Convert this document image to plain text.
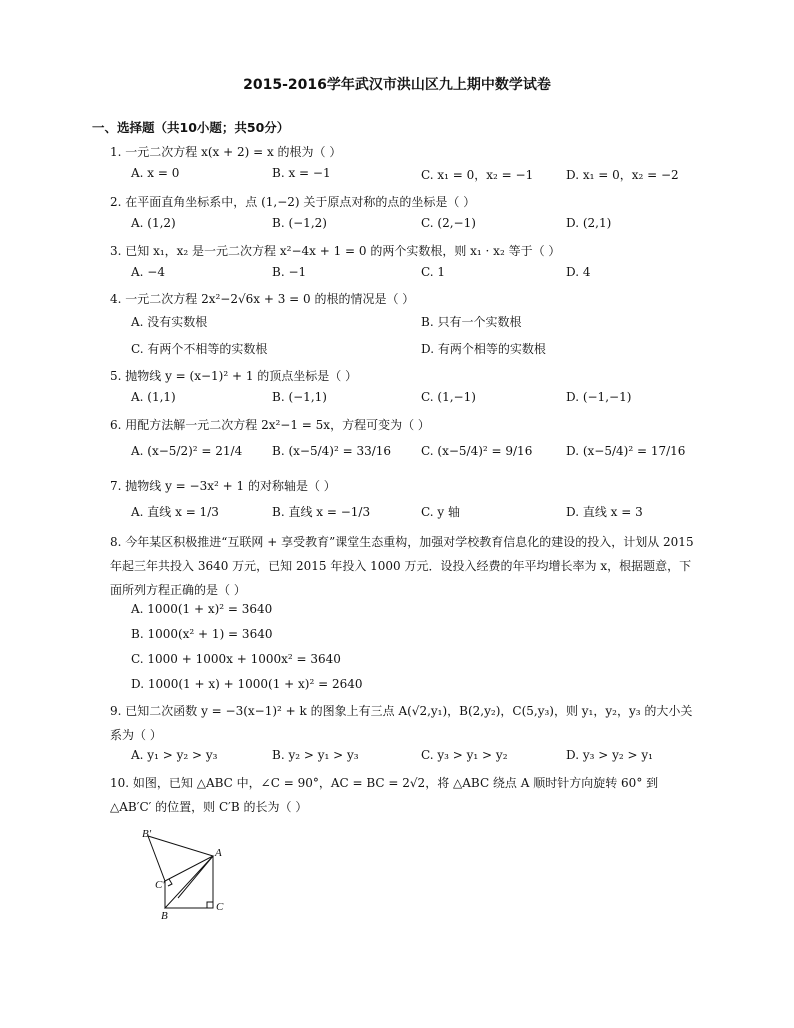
2015-2016学年武汉市洪山区九上期中数学试卷
一、选择题（共10小题；共50分）
1. 一元二次方程 x(x + 2) = x 的根为（ ）
A. x = 0	B. x = −1	C. x₁ = 0，x₂ = −1	D. x₁ = 0，x₂ = −2
2. 在平面直角坐标系中，点 (1,−2) 关于原点对称的点的坐标是（ ）
A. (1,2)	B. (−1,2)	C. (2,−1)	D. (2,1)
3. 已知 x₁，x₂ 是一元二次方程 x²−4x + 1 = 0 的两个实数根，则 x₁ · x₂ 等于（ ）
A. −4	B. −1	C. 1	D. 4
4. 一元二次方程 2x²−2√6x + 3 = 0 的根的情况是（ ）
A. 没有实数根	B. 只有一个实数根
C. 有两个不相等的实数根	D. 有两个相等的实数根
5. 抛物线 y = (x−1)² + 1 的顶点坐标是（ ）
A. (1,1)	B. (−1,1)	C. (1,−1)	D. (−1,−1)
6. 用配方法解一元二次方程 2x²−1 = 5x，方程可变为（ ）
A. (x−5/2)² = 21/4 B. (x−5/4)² = 33/16 C. (x−5/4)² = 9/16	D. (x−5/4)² = 17/16
7. 抛物线 y = −3x² + 1 的对称轴是（ ）
A. 直线 x = 1/3	B. 直线 x = −1/3	C. y 轴	D. 直线 x = 3
8. 今年某区积极推进“互联网 + 享受教育”课堂生态重构，加强对学校教育信息化的建设的投入，计划从 2015 年起三年共投入 3640 万元，已知 2015 年投入 1000 万元．设投入经费的年平均增长率为 x，根据题意，下面所列方程正确的是（ ）
A. 1000(1 + x)² = 3640
B. 1000(x² + 1) = 3640
C. 1000 + 1000x + 1000x² = 3640
D. 1000(1 + x) + 1000(1 + x)² = 2640
9. 已知二次函数 y = −3(x−1)² + k 的图象上有三点 A(√2,y₁)，B(2,y₂)，C(5,y₃)，则 y₁，y₂，y₃ 的大小关系为（ ）
A. y₁ > y₂ > y₃	B. y₂ > y₁ > y₃	C. y₃ > y₁ > y₂	D. y₃ > y₂ > y₁
10. 如图，已知 △ABC 中，∠C = 90°，AC = BC = 2√2，将 △ABC 绕点 A 顺时针方向旋转 60° 到 △AB′C′ 的位置，则 C′B 的长为（ ）
B′
A
C′
B
C
